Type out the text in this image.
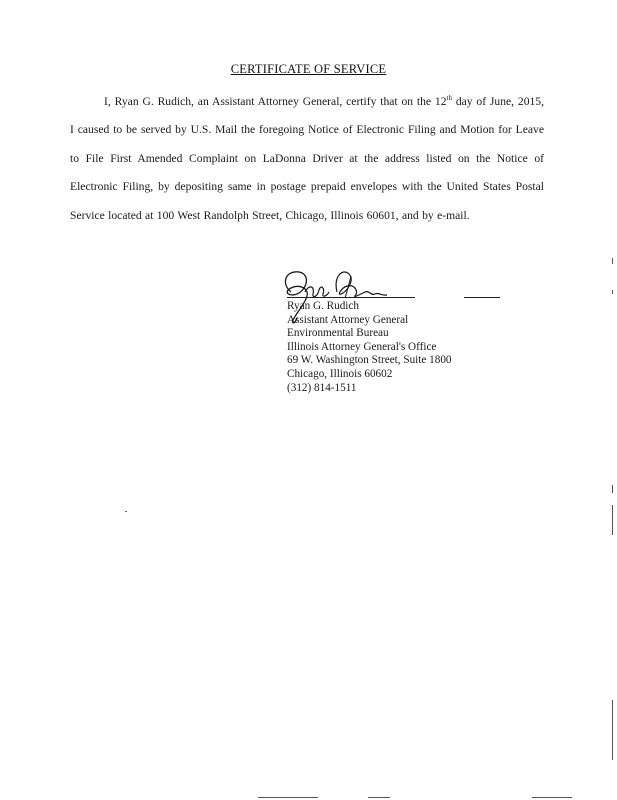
CERTIFICATE OF SERVICE

I, Ryan G. Rudich, an Assistant Attorney General, certify that on the 12th day of June, 2015, I caused to be served by U.S. Mail the foregoing Notice of Electronic Filing and Motion for Leave to File First Amended Complaint on LaDonna Driver at the address listed on the Notice of Electronic Filing, by depositing same in postage prepaid envelopes with the United States Postal Service located at 100 West Randolph Street, Chicago, Illinois 60601, and by e-mail.

Ryan G. Rudich
Assistant Attorney General
Environmental Bureau
Illinois Attorney General's Office
69 W. Washington Street, Suite 1800
Chicago, Illinois 60602
(312) 814-1511
